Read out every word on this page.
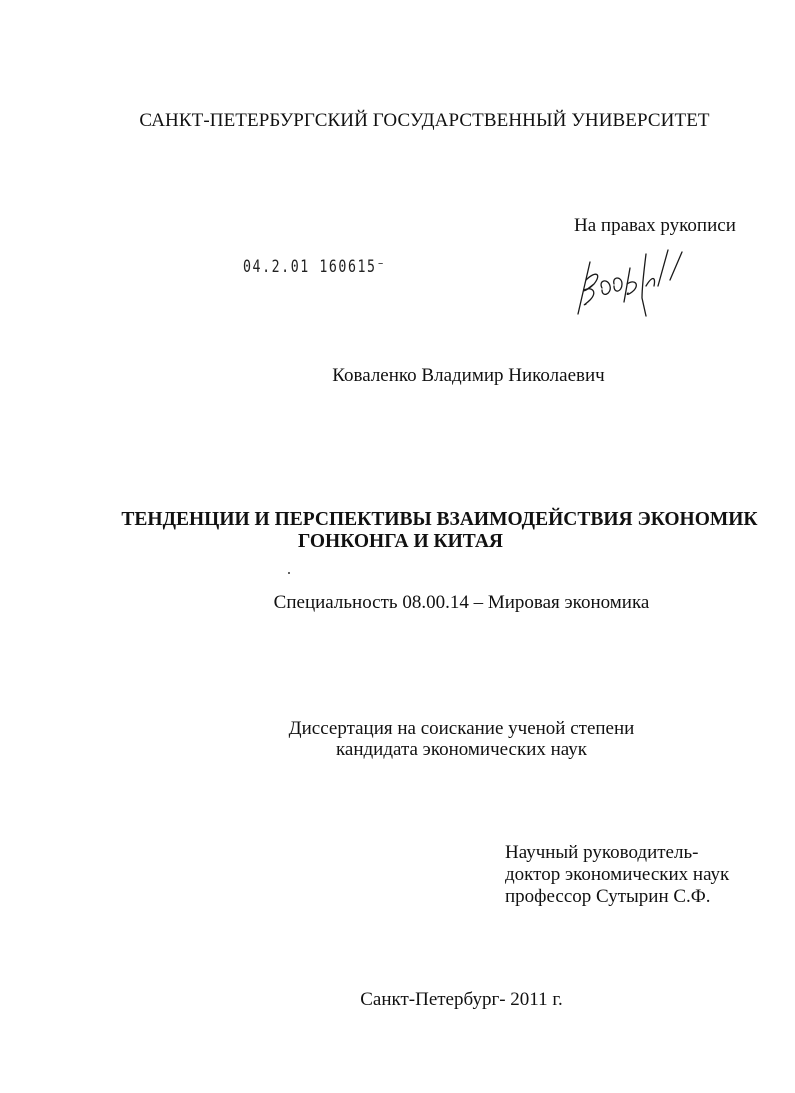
САНКТ-ПЕТЕРБУРГСКИЙ ГОСУДАРСТВЕННЫЙ УНИВЕРСИТЕТ
На правах рукописи
04.2.01 160615⁻
Коваленко Владимир Николаевич
ТЕНДЕНЦИИ И ПЕРСПЕКТИВЫ ВЗАИМОДЕЙСТВИЯ ЭКОНОМИК
ГОНКОНГА И КИТАЯ
Специальность 08.00.14 – Мировая экономика
Диссертация на соискание ученой степени
кандидата экономических наук
Научный руководитель-
доктор экономических наук
профессор Сутырин С.Ф.
Санкт-Петербург- 2011 г.
